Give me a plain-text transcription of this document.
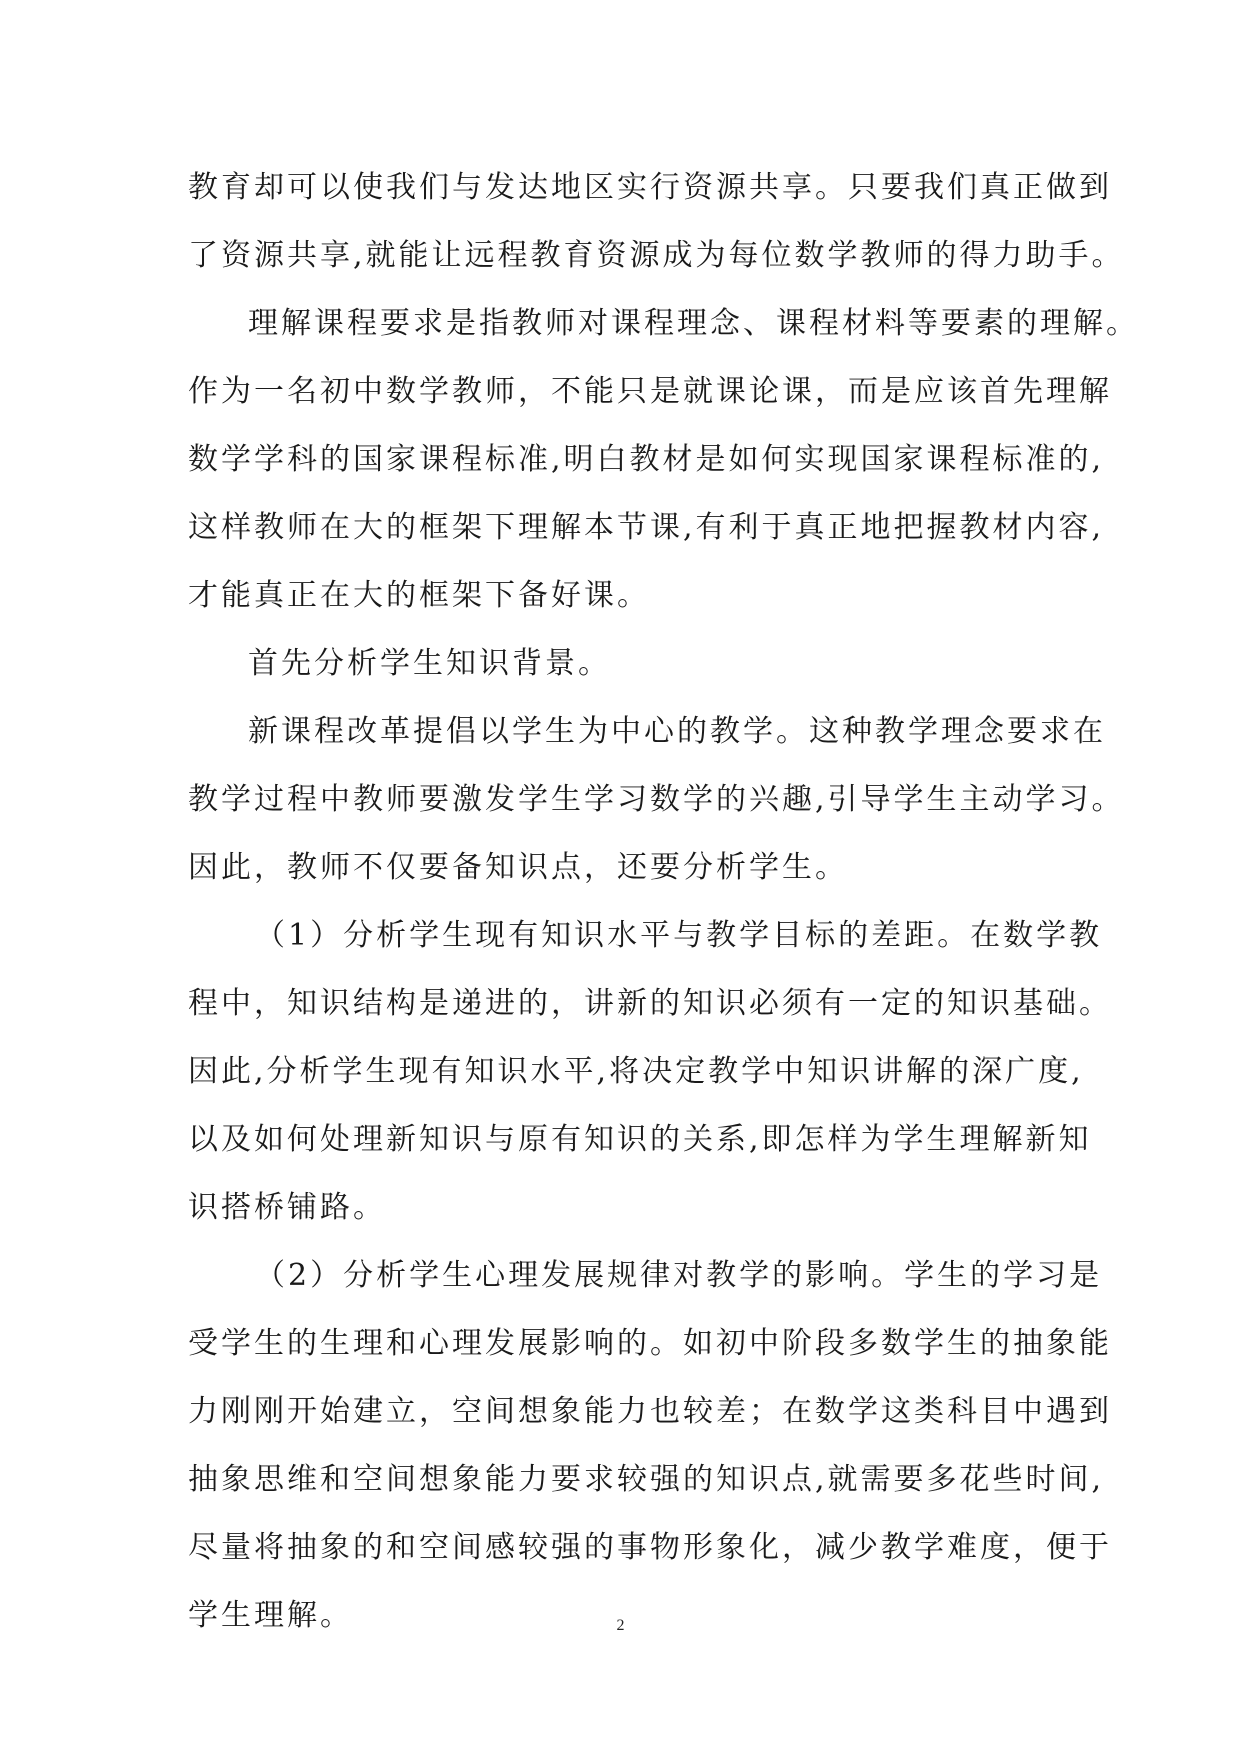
教育却可以使我们与发达地区实行资源共享。只要我们真正做到
了资源共享,就能让远程教育资源成为每位数学教师的得力助手。
理解课程要求是指教师对课程理念、课程材料等要素的理解。
作为一名初中数学教师，不能只是就课论课，而是应该首先理解
数学学科的国家课程标准,明白教材是如何实现国家课程标准的,
这样教师在大的框架下理解本节课,有利于真正地把握教材内容,
才能真正在大的框架下备好课。
首先分析学生知识背景。
新课程改革提倡以学生为中心的教学。这种教学理念要求在
教学过程中教师要激发学生学习数学的兴趣,引导学生主动学习。
因此，教师不仅要备知识点，还要分析学生。
（1）分析学生现有知识水平与教学目标的差距。在数学教
程中，知识结构是递进的，讲新的知识必须有一定的知识基础。
因此,分析学生现有知识水平,将决定教学中知识讲解的深广度,
以及如何处理新知识与原有知识的关系,即怎样为学生理解新知
识搭桥铺路。
（2）分析学生心理发展规律对教学的影响。学生的学习是
受学生的生理和心理发展影响的。如初中阶段多数学生的抽象能
力刚刚开始建立，空间想象能力也较差；在数学这类科目中遇到
抽象思维和空间想象能力要求较强的知识点,就需要多花些时间,
尽量将抽象的和空间感较强的事物形象化，减少教学难度，便于
学生理解。	2
